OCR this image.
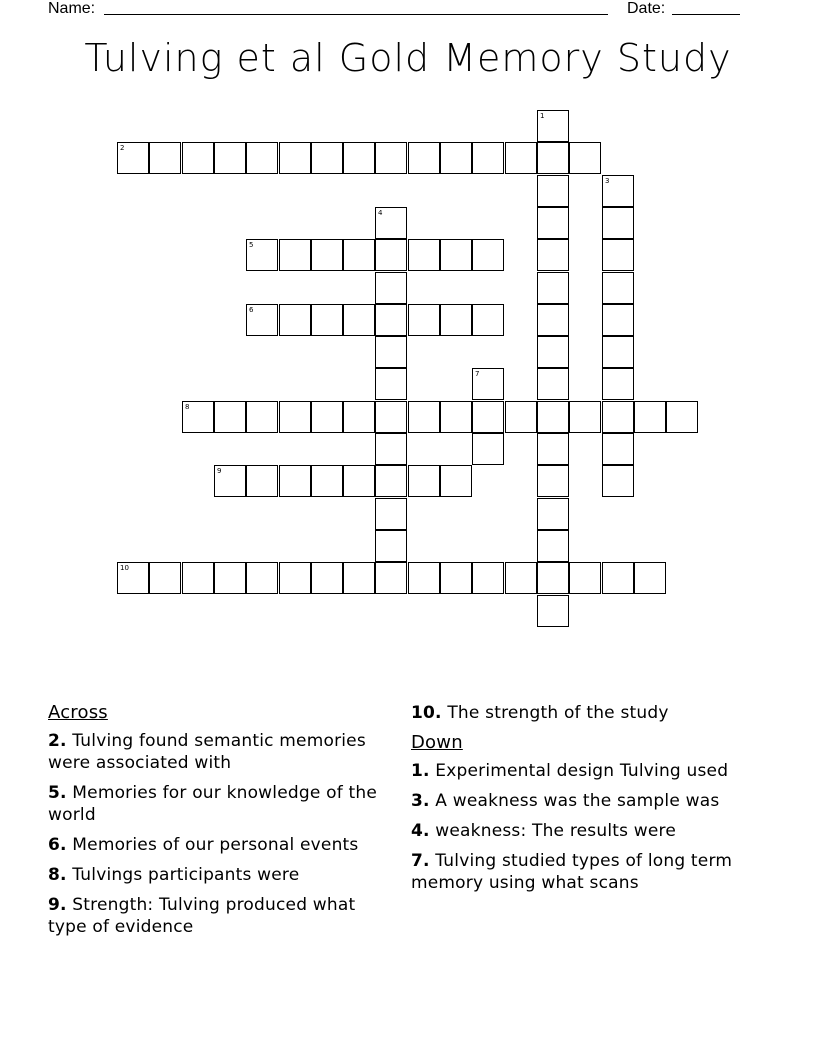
Name:	Date:
Tulving et al Gold Memory Study
1
2
3
4
5
6
7
8
9
10
Across
2. Tulving found semantic memories were associated with
5. Memories for our knowledge of the world
6. Memories of our personal events
8. Tulvings participants were
9. Strength: Tulving produced what type of evidence
10. The strength of the study
Down
1. Experimental design Tulving used
3. A weakness was the sample was
4. weakness: The results were
7. Tulving studied types of long term memory using what scans
